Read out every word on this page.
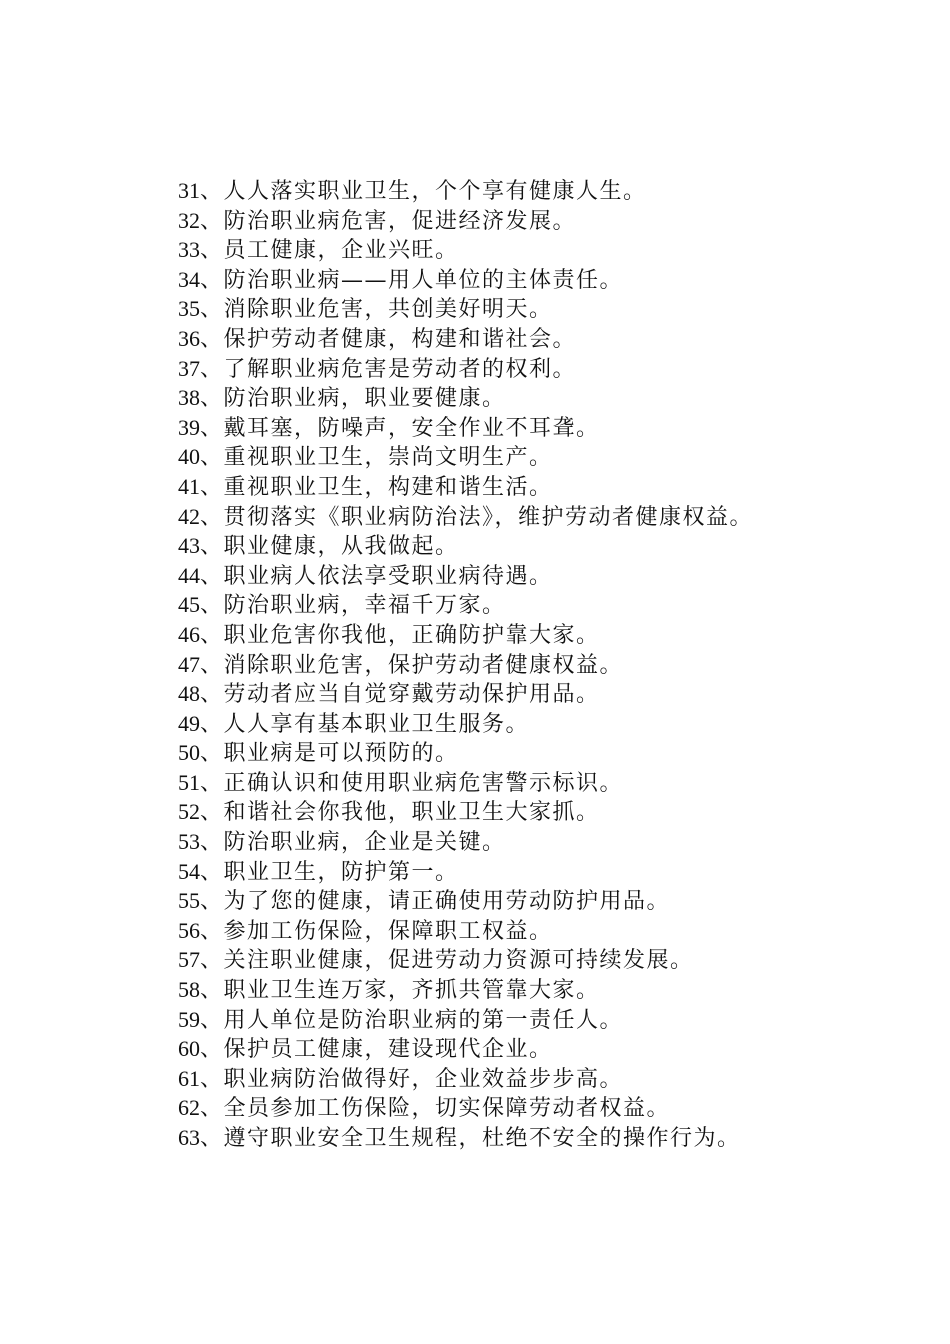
31、人人落实职业卫生，个个享有健康人生。
32、防治职业病危害，促进经济发展。
33、员工健康，企业兴旺。
34、防治职业病——用人单位的主体责任。
35、消除职业危害，共创美好明天。
36、保护劳动者健康，构建和谐社会。
37、了解职业病危害是劳动者的权利。
38、防治职业病，职业要健康。
39、戴耳塞，防噪声，安全作业不耳聋。
40、重视职业卫生，崇尚文明生产。
41、重视职业卫生，构建和谐生活。
42、贯彻落实《职业病防治法》，维护劳动者健康权益。
43、职业健康，从我做起。
44、职业病人依法享受职业病待遇。
45、防治职业病，幸福千万家。
46、职业危害你我他，正确防护靠大家。
47、消除职业危害，保护劳动者健康权益。
48、劳动者应当自觉穿戴劳动保护用品。
49、人人享有基本职业卫生服务。
50、职业病是可以预防的。
51、正确认识和使用职业病危害警示标识。
52、和谐社会你我他，职业卫生大家抓。
53、防治职业病，企业是关键。
54、职业卫生，防护第一。
55、为了您的健康，请正确使用劳动防护用品。
56、参加工伤保险，保障职工权益。
57、关注职业健康，促进劳动力资源可持续发展。
58、职业卫生连万家，齐抓共管靠大家。
59、用人单位是防治职业病的第一责任人。
60、保护员工健康，建设现代企业。
61、职业病防治做得好，企业效益步步高。
62、全员参加工伤保险，切实保障劳动者权益。
63、遵守职业安全卫生规程，杜绝不安全的操作行为。
